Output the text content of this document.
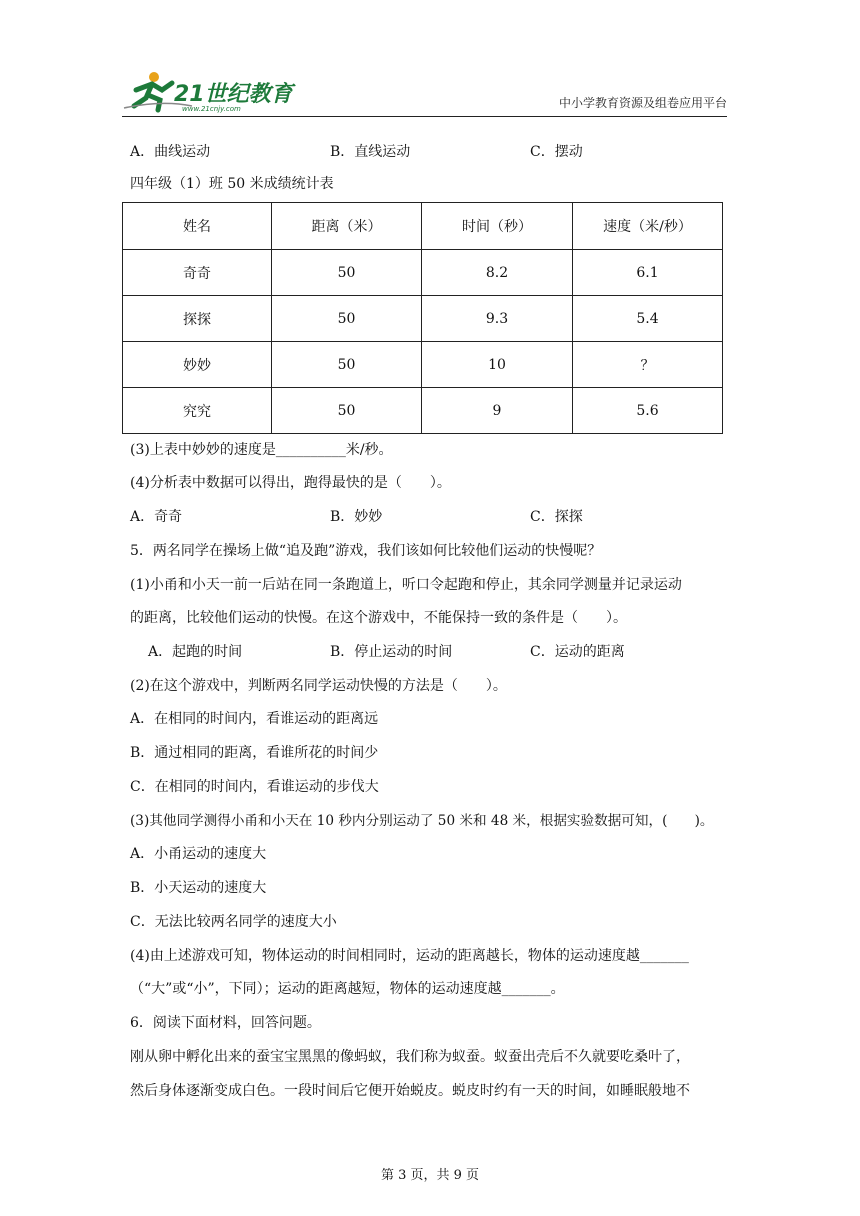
21世纪教育
www.21cnjy.com	中小学教育资源及组卷应用平台
A．曲线运动	B．直线运动	C．摆动
四年级（1）班 50 米成绩统计表
姓名	距离（米）	时间（秒）	速度（米/秒）
奇奇	50	8.2	6.1
探探	50	9.3	5.4
妙妙	50	10	？
究究	50	9	5.6
(3)上表中妙妙的速度是__________米/秒。
(4)分析表中数据可以得出，跑得最快的是（　　）。
A．奇奇	B．妙妙	C．探探
5．两名同学在操场上做“追及跑”游戏，我们该如何比较他们运动的快慢呢？
(1)小甬和小天一前一后站在同一条跑道上，听口令起跑和停止，其余同学测量并记录运动
的距离，比较他们运动的快慢。在这个游戏中，不能保持一致的条件是（　　）。
A．起跑的时间	B．停止运动的时间	C．运动的距离
(2)在这个游戏中，判断两名同学运动快慢的方法是（　　）。
A．在相同的时间内，看谁运动的距离远
B．通过相同的距离，看谁所花的时间少
C．在相同的时间内，看谁运动的步伐大
(3)其他同学测得小甬和小天在 10 秒内分别运动了 50 米和 48 米，根据实验数据可知，(　　)。
A．小甬运动的速度大
B．小天运动的速度大
C．无法比较两名同学的速度大小
(4)由上述游戏可知，物体运动的时间相同时，运动的距离越长，物体的运动速度越_______
（“大”或“小”，下同）；运动的距离越短，物体的运动速度越_______。
6．阅读下面材料，回答问题。
刚从卵中孵化出来的蚕宝宝黑黑的像蚂蚁，我们称为蚁蚕。蚁蚕出壳后不久就要吃桑叶了，
然后身体逐渐变成白色。一段时间后它便开始蜕皮。蜕皮时约有一天的时间，如睡眠般地不
第 3 页，共 9 页
